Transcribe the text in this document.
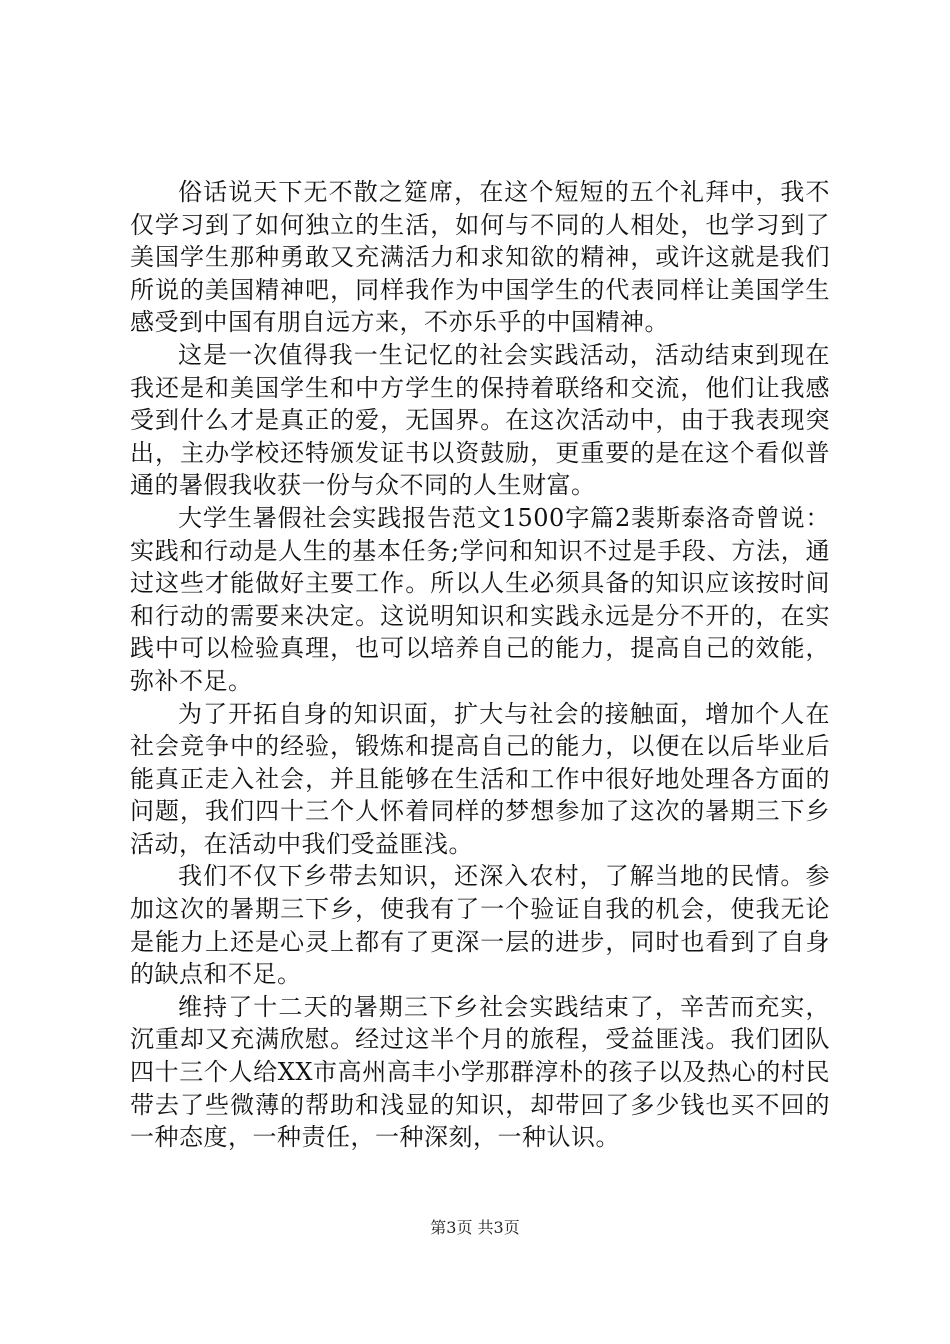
俗话说天下无不散之筵席，在这个短短的五个礼拜中，我不仅学习到了如何独立的生活，如何与不同的人相处，也学习到了美国学生那种勇敢又充满活力和求知欲的精神，或许这就是我们所说的美国精神吧，同样我作为中国学生的代表同样让美国学生感受到中国有朋自远方来，不亦乐乎的中国精神。

这是一次值得我一生记忆的社会实践活动，活动结束到现在我还是和美国学生和中方学生的保持着联络和交流，他们让我感受到什么才是真正的爱，无国界。在这次活动中，由于我表现突出，主办学校还特颁发证书以资鼓励，更重要的是在这个看似普通的暑假我收获一份与众不同的人生财富。

大学生暑假社会实践报告范文1500字篇2裴斯泰洛奇曾说：实践和行动是人生的基本任务;学问和知识不过是手段、方法，通过这些才能做好主要工作。所以人生必须具备的知识应该按时间和行动的需要来决定。这说明知识和实践永远是分不开的，在实践中可以检验真理，也可以培养自己的能力，提高自己的效能，弥补不足。

为了开拓自身的知识面，扩大与社会的接触面，增加个人在社会竞争中的经验，锻炼和提高自己的能力，以便在以后毕业后能真正走入社会，并且能够在生活和工作中很好地处理各方面的问题，我们四十三个人怀着同样的梦想参加了这次的暑期三下乡活动，在活动中我们受益匪浅。

我们不仅下乡带去知识，还深入农村，了解当地的民情。参加这次的暑期三下乡，使我有了一个验证自我的机会，使我无论是能力上还是心灵上都有了更深一层的进步，同时也看到了自身的缺点和不足。

维持了十二天的暑期三下乡社会实践结束了，辛苦而充实，沉重却又充满欣慰。经过这半个月的旅程，受益匪浅。我们团队四十三个人给XX市高州高丰小学那群淳朴的孩子以及热心的村民带去了些微薄的帮助和浅显的知识，却带回了多少钱也买不回的一种态度，一种责任，一种深刻，一种认识。

第3页 共3页
